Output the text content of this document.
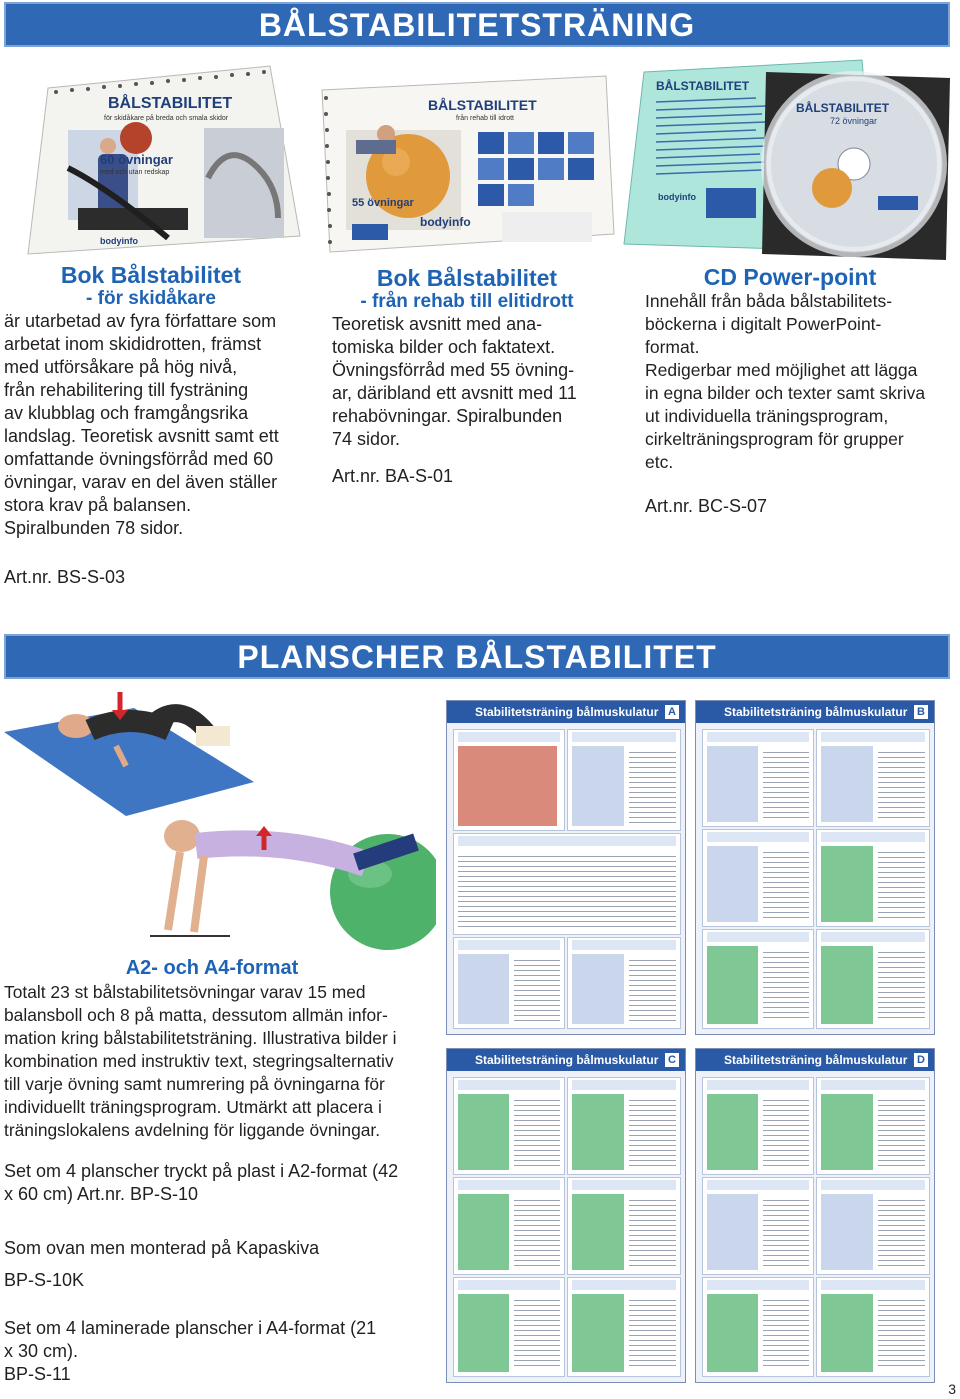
BÅLSTABILITETSTRÄNING
BÅLSTABILITET
för skidåkare på breda och smala skidor
60 övningar
med och utan redskap
bodyinfo
BÅLSTABILITET
från rehab till idrott
55 övningar
bodyinfo
BÅLSTABILITET
bodyinfo
BÅLSTABILITET
72 övningar
Bok Bålstabilitet
- för skidåkare
är utarbetad av fyra författare som
arbetat inom skididrotten, främst
med utförsåkare på hög nivå,
från rehabilitering till fysträning
av klubblag och framgångsrika
landslag. Teoretisk avsnitt samt ett
omfattande övningsförråd med 60
övningar, varav en del även ställer
stora krav på balansen.
Spiralbunden 78 sidor.
Art.nr. BS-S-03
Bok Bålstabilitet
- från rehab till elitidrott
Teoretisk avsnitt med ana-
tomiska bilder och faktatext.
Övningsförråd med 55 övning-
ar, däribland ett avsnitt med 11
rehabövningar. Spiralbunden
74 sidor.
Art.nr. BA-S-01
CD Power-point
Innehåll från båda bålstabilitets-
böckerna i digitalt PowerPoint-
format.
Redigerbar med möjlighet att lägga
in egna bilder och texter samt skriva
ut individuella träningsprogram,
cirkelträningsprogram för grupper
etc.
Art.nr. BC-S-07
PLANSCHER BÅLSTABILITET
A2- och A4-format
Totalt 23 st bålstabilitetsövningar varav 15 med
balansboll och 8 på matta, dessutom allmän infor-
mation kring bålstabilitetsträning. Illustrativa bilder i
kombination med instruktiv text, stegringsalternativ
till varje övning samt numrering på övningarna för
individuellt träningsprogram. Utmärkt att placera i
träningslokalens avdelning för liggande övningar.
Set om 4 planscher tryckt på plast i A2-format (42
x 60 cm) Art.nr. BP-S-10
Som ovan men monterad på Kapaskiva
BP-S-10K
Set om 4 laminerade planscher i A4-format (21
x 30 cm).
BP-S-11
Stabilitetsträning bålmuskulatur A	Stabilitetsträning bålmuskulatur B
Stabilitetsträning bålmuskulatur C	Stabilitetsträning bålmuskulatur D
3
